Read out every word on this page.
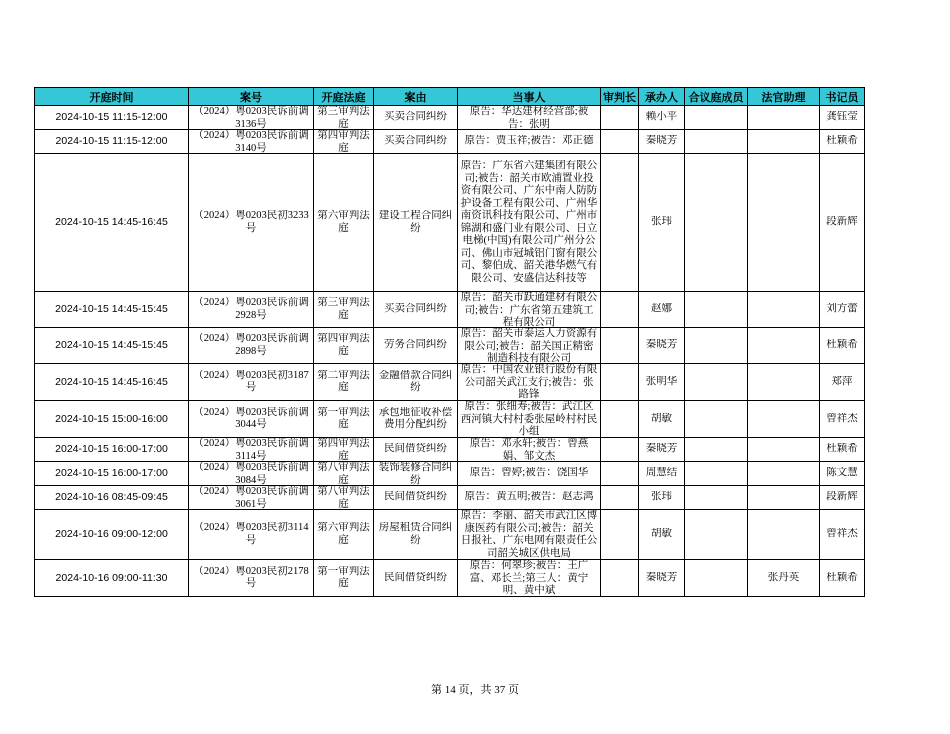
开庭时间	案号	开庭法庭	案由	当事人	审判长	承办人	合议庭成员	法官助理	书记员

2024-10-15 11:15-12:00	（2024）粤0203民诉前调3136号	第三审判法庭	买卖合同纠纷	原告：华达建材经营部;被告：张明		赖小平			龚钰莹

2024-10-15 11:15-12:00	（2024）粤0203民诉前调3140号	第四审判法庭	买卖合同纠纷	原告：贾玉祥;被告：邓正德		秦晓芳			杜颖希

2024-10-15 14:45-16:45	（2024）粤0203民初3233号	第六审判法庭	建设工程合同纠纷	原告：广东省六建集团有限公司;被告：韶关市欧浦置业投资有限公司、广东中南人防防护设备工程有限公司、广州华南资讯科技有限公司、广州市锦湖和盛门业有限公司、日立电梯(中国)有限公司广州分公司、佛山市冠城铝门窗有限公司、黎伯成、韶关港华燃气有限公司、安盛信达科技等		张玮			段新辉

2024-10-15 14:45-15:45	（2024）粤0203民诉前调2928号	第三审判法庭	买卖合同纠纷	原告：韶关市跃通建材有限公司;被告：广东省第五建筑工程有限公司		赵娜			刘方蕾

2024-10-15 14:45-15:45	（2024）粤0203民诉前调2898号	第四审判法庭	劳务合同纠纷	原告：韶关市泰运人力资源有限公司;被告：韶关国正精密制造科技有限公司		秦晓芳			杜颖希

2024-10-15 14:45-16:45	（2024）粤0203民初3187号	第二审判法庭	金融借款合同纠纷	原告：中国农业银行股份有限公司韶关武江支行;被告：张路锋		张明华			郑萍

2024-10-15 15:00-16:00	（2024）粤0203民诉前调3044号	第一审判法庭	承包地征收补偿费用分配纠纷	原告：张细寿;被告：武江区西河镇大村村委张屋岭村村民小组		胡敏			曾祥杰

2024-10-15 16:00-17:00	（2024）粤0203民诉前调3114号	第四审判法庭	民间借贷纠纷	原告：邓永轩;被告：曾燕娟、邹文杰		秦晓芳			杜颖希

2024-10-15 16:00-17:00	（2024）粤0203民诉前调3084号	第八审判法庭	装饰装修合同纠纷	原告：曾婷;被告：饶国华		周慧结			陈文慧

2024-10-16 08:45-09:45	（2024）粤0203民诉前调3061号	第八审判法庭	民间借贷纠纷	原告：黄五明;被告：赵志鸿		张玮			段新辉

2024-10-16 09:00-12:00	（2024）粤0203民初3114号	第六审判法庭	房屋租赁合同纠纷	原告：李丽、韶关市武江区博康医药有限公司;被告：韶关日报社、广东电网有限责任公司韶关城区供电局		胡敏			曾祥杰

2024-10-16 09:00-11:30	（2024）粤0203民初2178号	第一审判法庭	民间借贷纠纷	原告：何翠珍;被告：王广富、邓长兰;第三人：黄宁明、黄中斌		秦晓芳		张丹英	杜颖希
第 14 页，共 37 页
